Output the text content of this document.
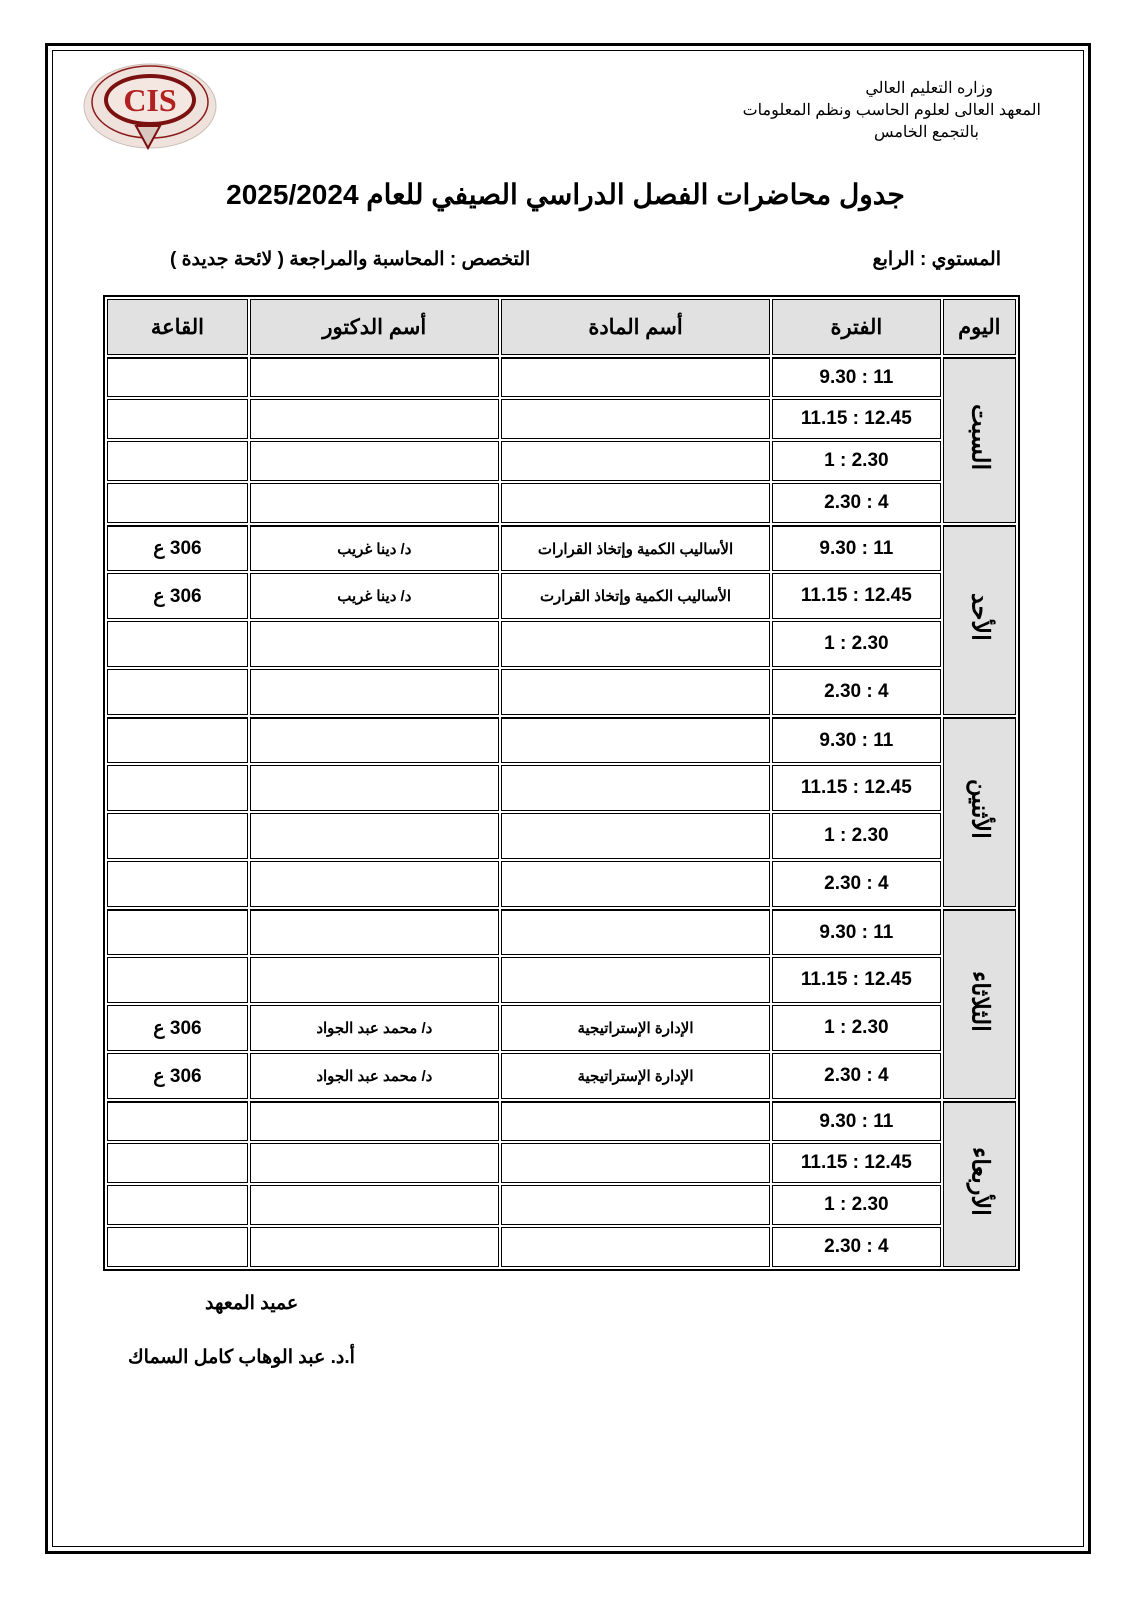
CIS	وزاره التعليم العالي
المعهد العالى لعلوم الحاسب ونظم المعلومات
بالتجمع الخامس
جدول محاضرات الفصل الدراسي الصيفي للعام 2025/2024
المستوي : الرابع
التخصص : المحاسبة والمراجعة ( لائحة جديدة )
اليوم	الفترة	أسم المادة	أسم الدكتور	القاعة
السبت	9.30 : 11			
	11.15 : 12.45			
	1 : 2.30			
	2.30 : 4			
الأحد	9.30 : 11	الأساليب الكمية وإتخاذ القرارات	د/ دينا غريب	306 ع
	11.15 : 12.45	الأساليب الكمية وإتخاذ القرارت	د/ دينا غريب	306 ع
	1 : 2.30			
	2.30 : 4			
الأثنين	9.30 : 11			
	11.15 : 12.45			
	1 : 2.30			
	2.30 : 4			
الثلاثاء	9.30 : 11			
	11.15 : 12.45			
	1 : 2.30	الإدارة الإستراتيجية	د/ محمد عبد الجواد	306 ع
	2.30 : 4	الإدارة الإستراتيجية	د/ محمد عبد الجواد	306 ع
الأربعاء	9.30 : 11			
	11.15 : 12.45			
	1 : 2.30			
	2.30 : 4			
عميد المعهد
أ.د. عبد الوهاب كامل السماك
